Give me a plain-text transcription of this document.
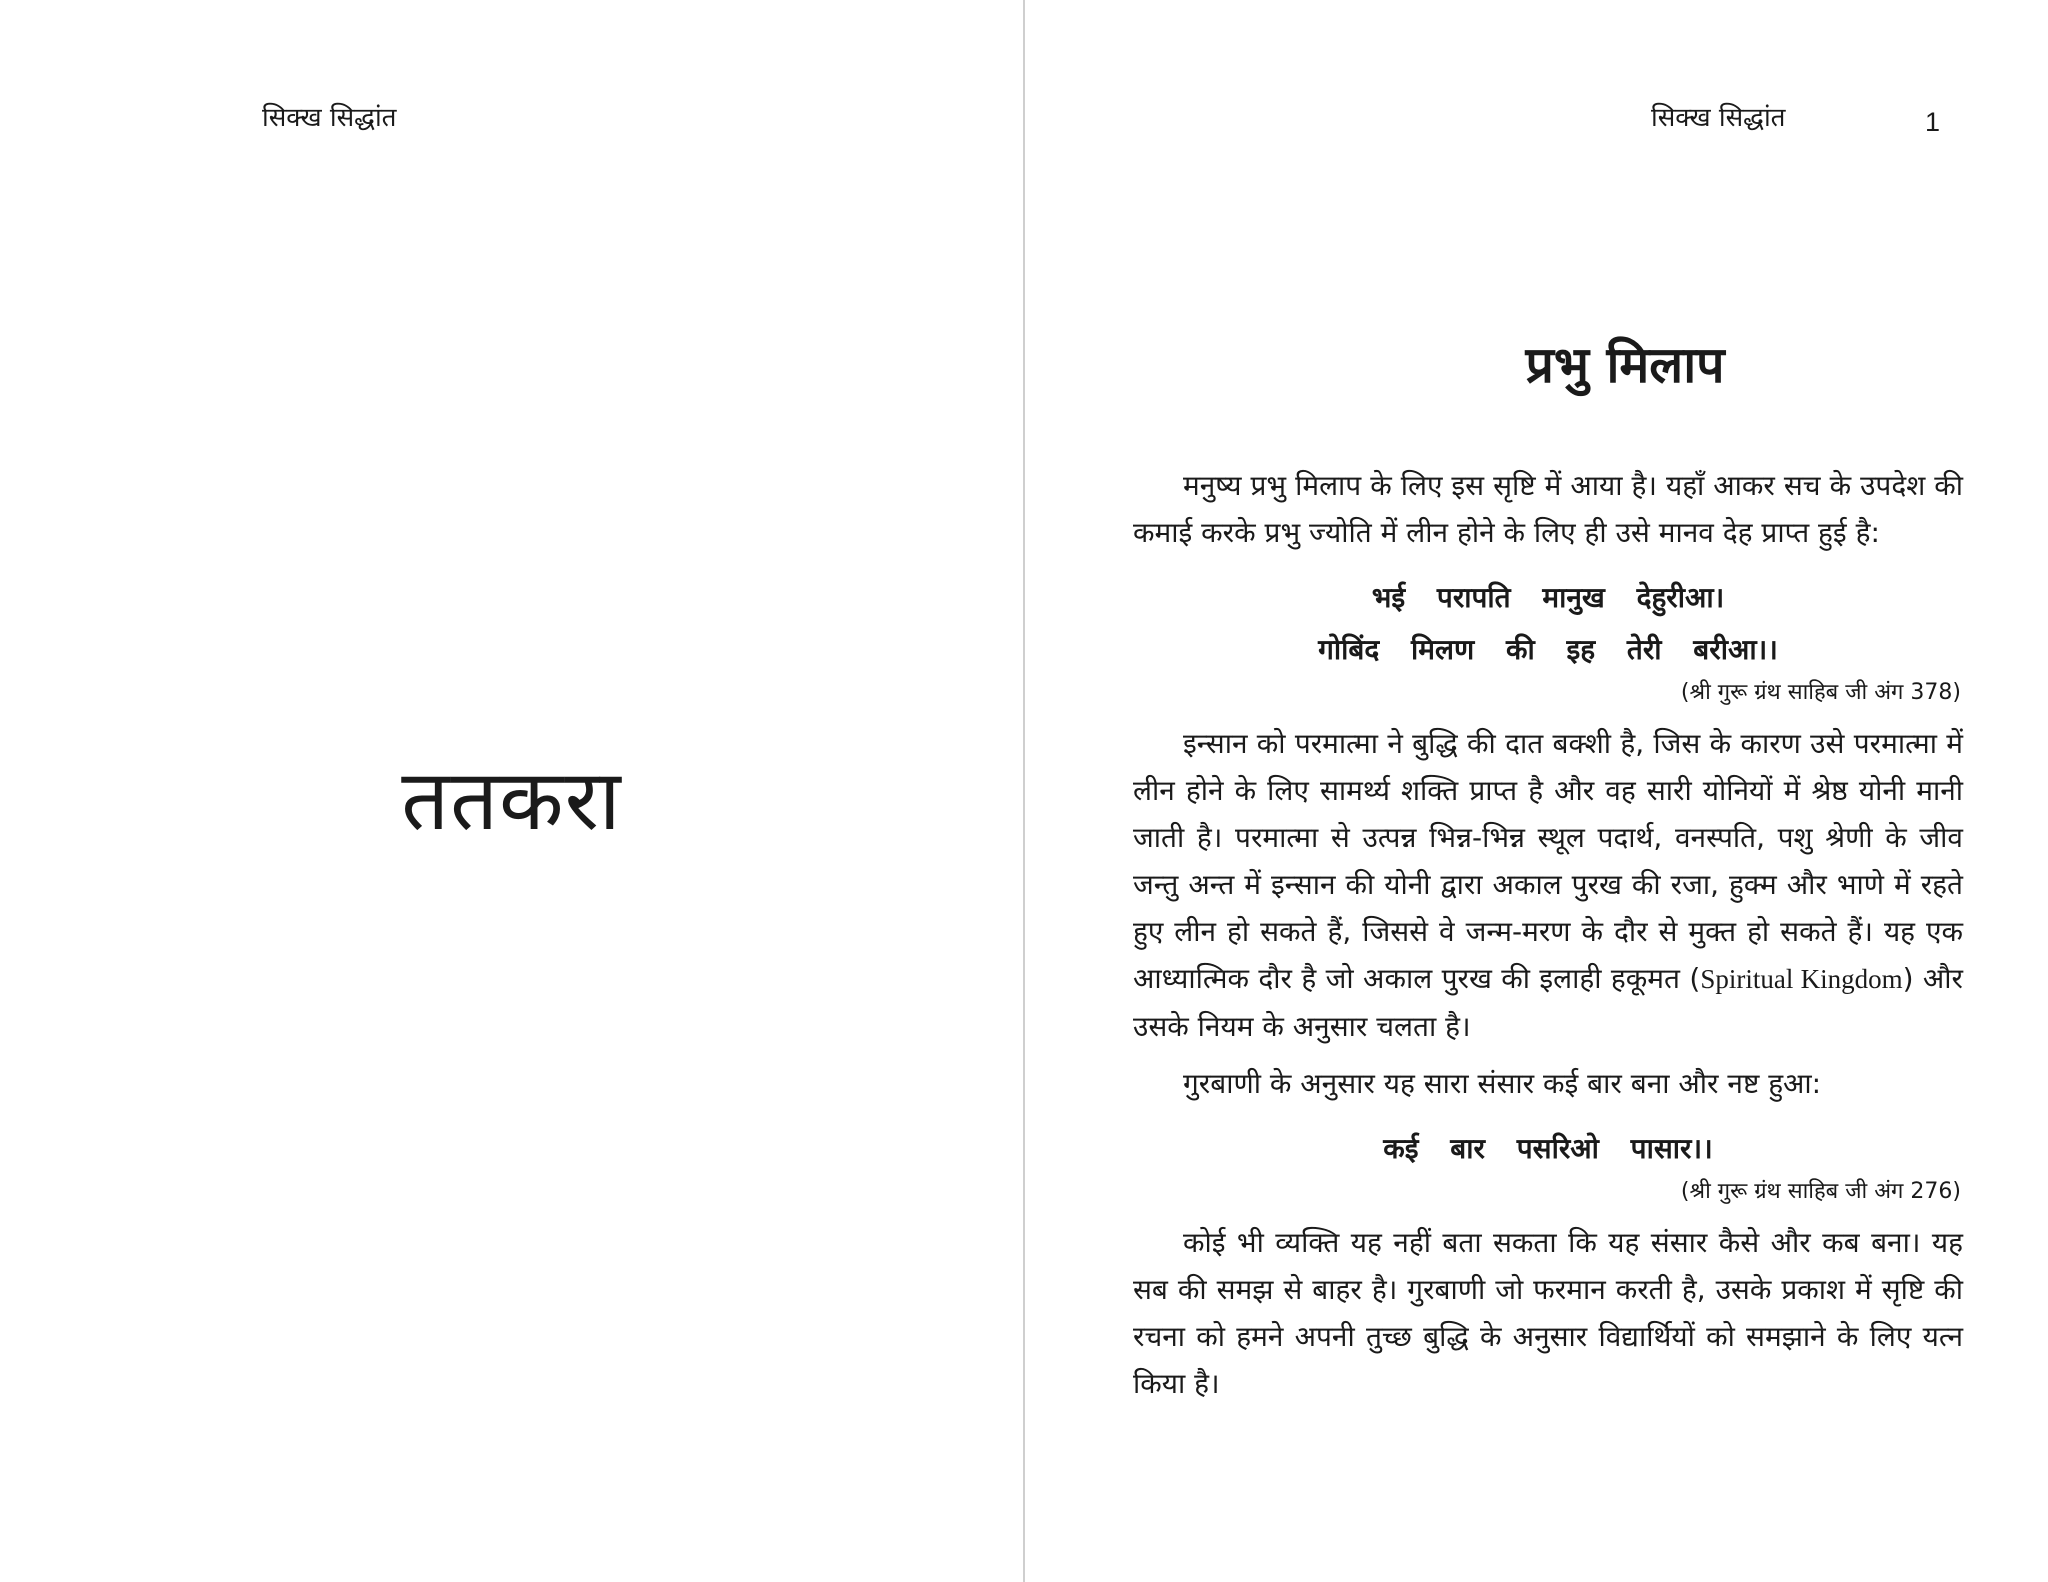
सिक्ख सिद्धांत
ततकरा
सिक्ख सिद्धांत	1
प्रभु मिलाप

मनुष्य प्रभु मिलाप के लिए इस सृष्टि में आया है। यहाँ आकर सच के उपदेश की कमाई करके प्रभु ज्योति में लीन होने के लिए ही उसे मानव देह प्राप्त हुई है:

भई परापति मानुख देहुरीआ।

गोबिंद मिलण की इह तेरी बरीआ।।

(श्री गुरू ग्रंथ साहिब जी अंग 378)

इन्सान को परमात्मा ने बुद्धि की दात बक्शी है, जिस के कारण उसे परमात्मा में लीन होने के लिए सामर्थ्य शक्ति प्राप्त है और वह सारी योनियों में श्रेष्ठ योनी मानी जाती है। परमात्मा से उत्पन्न भिन्न-भिन्न स्थूल पदार्थ, वनस्पति, पशु श्रेणी के जीव जन्तु अन्त में इन्सान की योनी द्वारा अकाल पुरख की रजा, हुक्म और भाणे में रहते हुए लीन हो सकते हैं, जिससे वे जन्म-मरण के दौर से मुक्त हो सकते हैं। यह एक आध्यात्मिक दौर है जो अकाल पुरख की इलाही हकूमत (Spiritual Kingdom) और उसके नियम के अनुसार चलता है।

गुरबाणी के अनुसार यह सारा संसार कई बार बना और नष्ट हुआ:

कई बार पसरिओ पासार।।

(श्री गुरू ग्रंथ साहिब जी अंग 276)

कोई भी व्यक्ति यह नहीं बता सकता कि यह संसार कैसे और कब बना। यह सब की समझ से बाहर है। गुरबाणी जो फरमान करती है, उसके प्रकाश में सृष्टि की रचना को हमने अपनी तुच्छ बुद्धि के अनुसार विद्यार्थियों को समझाने के लिए यत्न किया है।
